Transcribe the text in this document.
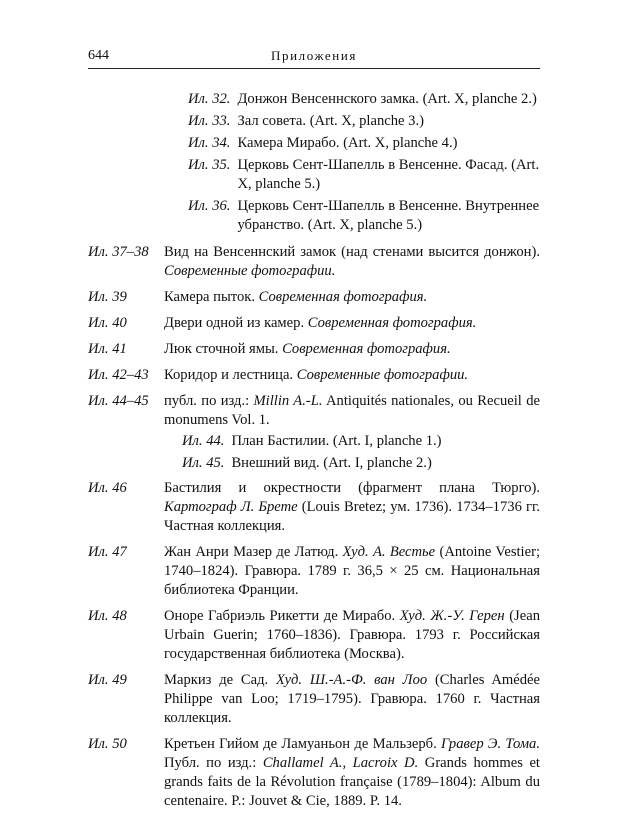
644	Приложения
Ил. 32. Донжон Венсеннского замка. (Art. X, planche 2.)
Ил. 33. Зал совета. (Art. X, planche 3.)
Ил. 34. Камера Мирабо. (Art. X, planche 4.)
Ил. 35. Церковь Сент-Шапелль в Венсенне. Фасад. (Art. X, planche 5.)
Ил. 36. Церковь Сент-Шапелль в Венсенне. Внутреннее убранство. (Art. X, planche 5.)
Ил. 37–38	Вид на Венсеннский замок (над стенами высится донжон). Современные фотографии.
Ил. 39	Камера пыток. Современная фотография.
Ил. 40	Двери одной из камер. Современная фотография.
Ил. 41	Люк сточной ямы. Современная фотография.
Ил. 42–43	Коридор и лестница. Современные фотографии.
Ил. 44–45	публ. по изд.: Millin A.-L. Antiquités nationales, ou Recueil de monumens Vol. 1.
Ил. 44. План Бастилии. (Art. I, planche 1.)
Ил. 45. Внешний вид. (Art. I, planche 2.)
Ил. 46	Бастилия и окрестности (фрагмент плана Тюрго). Картограф Л. Брете (Louis Bretez; ум. 1736). 1734–1736 гг. Частная коллекция.
Ил. 47	Жан Анри Мазер де Латюд. Худ. А. Вестье (Antoine Vestier; 1740–1824). Гравюра. 1789 г. 36,5 × 25 см. Национальная библиотека Франции.
Ил. 48	Оноре Габриэль Рикетти де Мирабо. Худ. Ж.-У. Герен (Jean Urbain Guerin; 1760–1836). Гравюра. 1793 г. Российская государственная библиотека (Москва).
Ил. 49	Маркиз де Сад. Худ. Ш.-А.-Ф. ван Лоо (Charles Amédée Philippe van Loo; 1719–1795). Гравюра. 1760 г. Частная коллекция.
Ил. 50	Кретьен Гийом де Ламуаньон де Мальзерб. Гравер Э. Тома. Публ. по изд.: Challamel A., Lacroix D. Grands hommes et grands faits de la Révolution française (1789–1804): Album du centenaire. P.: Jouvet & Cie, 1889. P. 14.
